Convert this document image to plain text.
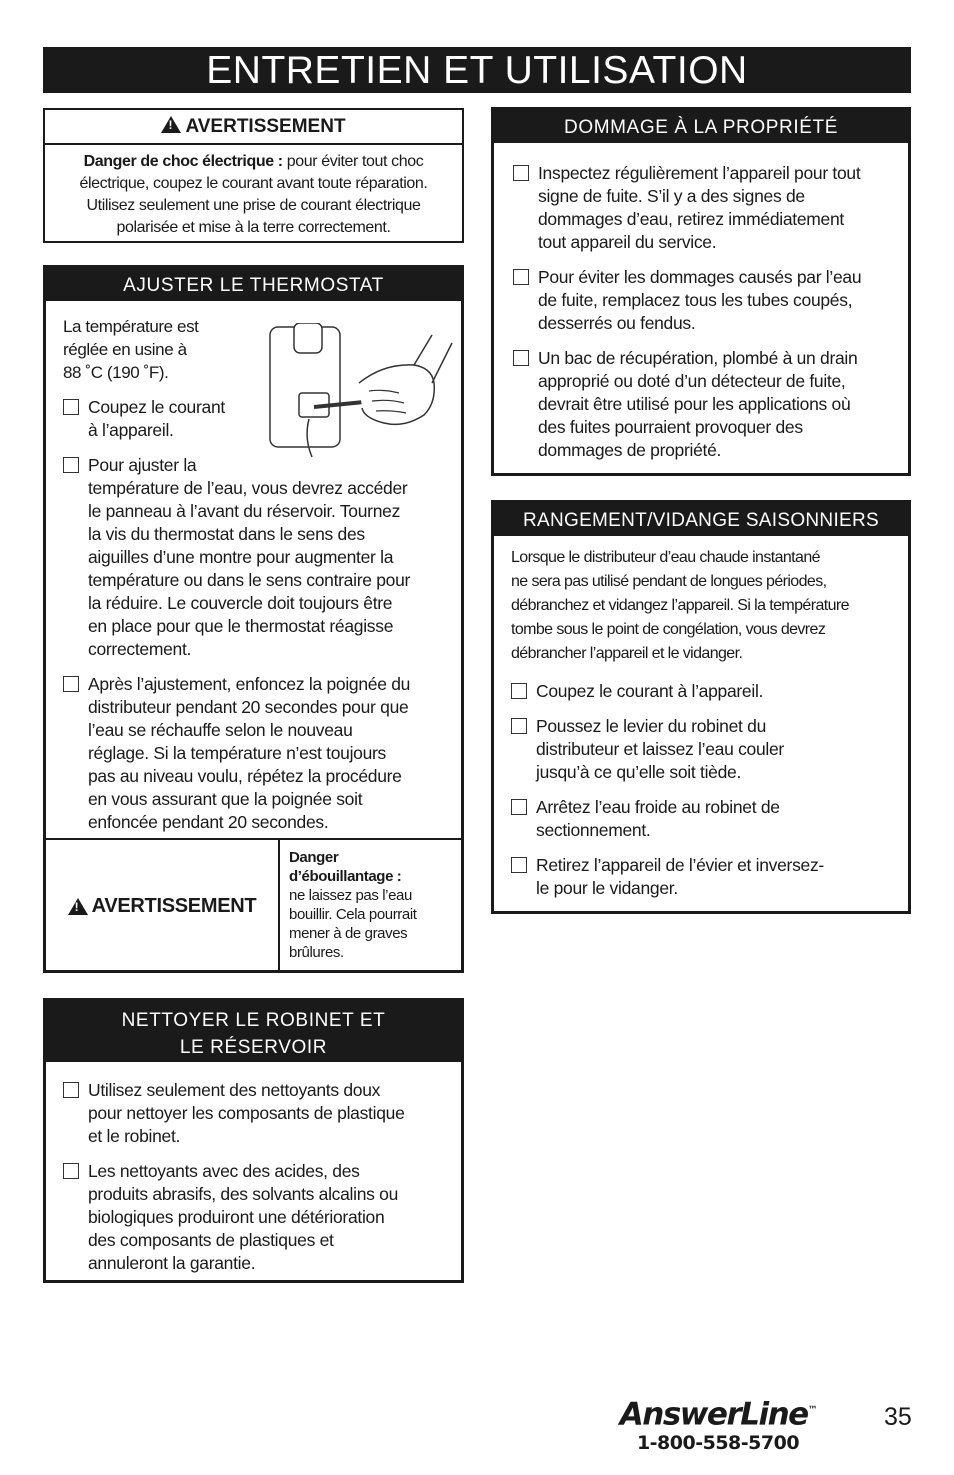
ENTRETIEN ET UTILISATION
!AVERTISSEMENT
Danger de choc électrique : pour éviter tout choc
électrique, coupez le courant avant toute réparation.
Utilisez seulement une prise de courant électrique
polarisée et mise à la terre correctement.
AJUSTER LE THERMOSTAT
La température est
réglée en usine à
88 ˚C (190 ˚F).
Coupez le courant
à l’appareil.
Pour ajuster la
température de l’eau, vous devrez accéder
le panneau à l’avant du réservoir. Tournez
la vis du thermostat dans le sens des
aiguilles d’une montre pour augmenter la
température ou dans le sens contraire pour
la réduire. Le couvercle doit toujours être
en place pour que le thermostat réagisse
correctement.
Après l’ajustement, enfoncez la poignée du
distributeur pendant 20 secondes pour que
l’eau se réchauffe selon le nouveau
réglage. Si la température n’est toujours
pas au niveau voulu, répétez la procédure
en vous assurant que la poignée soit
enfoncée pendant 20 secondes.
!
AVERTISSEMENT
Danger
d’ébouillantage :
ne laissez pas l’eau
bouillir. Cela pourrait
mener à de graves
brûlures.
NETTOYER LE ROBINET ET
LE RÉSERVOIR
Utilisez seulement des nettoyants doux
pour nettoyer les composants de plastique
et le robinet.
Les nettoyants avec des acides, des
produits abrasifs, des solvants alcalins ou
biologiques produiront une détérioration
des composants de plastiques et
annuleront la garantie.
DOMMAGE À LA PROPRIÉTÉ
Inspectez régulièrement l’appareil pour tout
signe de fuite. S’il y a des signes de
dommages d’eau, retirez immédiatement
tout appareil du service.
Pour éviter les dommages causés par l’eau
de fuite, remplacez tous les tubes coupés,
desserrés ou fendus.
Un bac de récupération, plombé à un drain
approprié ou doté d’un détecteur de fuite,
devrait être utilisé pour les applications où
des fuites pourraient provoquer des
dommages de propriété.
RANGEMENT/VIDANGE SAISONNIERS
Lorsque le distributeur d’eau chaude instantané
ne sera pas utilisé pendant de longues périodes,
débranchez et vidangez l’appareil. Si la température
tombe sous le point de congélation, vous devrez
débrancher l’appareil et le vidanger.
Coupez le courant à l’appareil.
Poussez le levier du robinet du
distributeur et laissez l’eau couler
jusqu’à ce qu’elle soit tiède.
Arrêtez l’eau froide au robinet de
sectionnement.
Retirez l’appareil de l’évier et inversez-
le pour le vidanger.
AnswerLine™
1-800-558-5700
35
